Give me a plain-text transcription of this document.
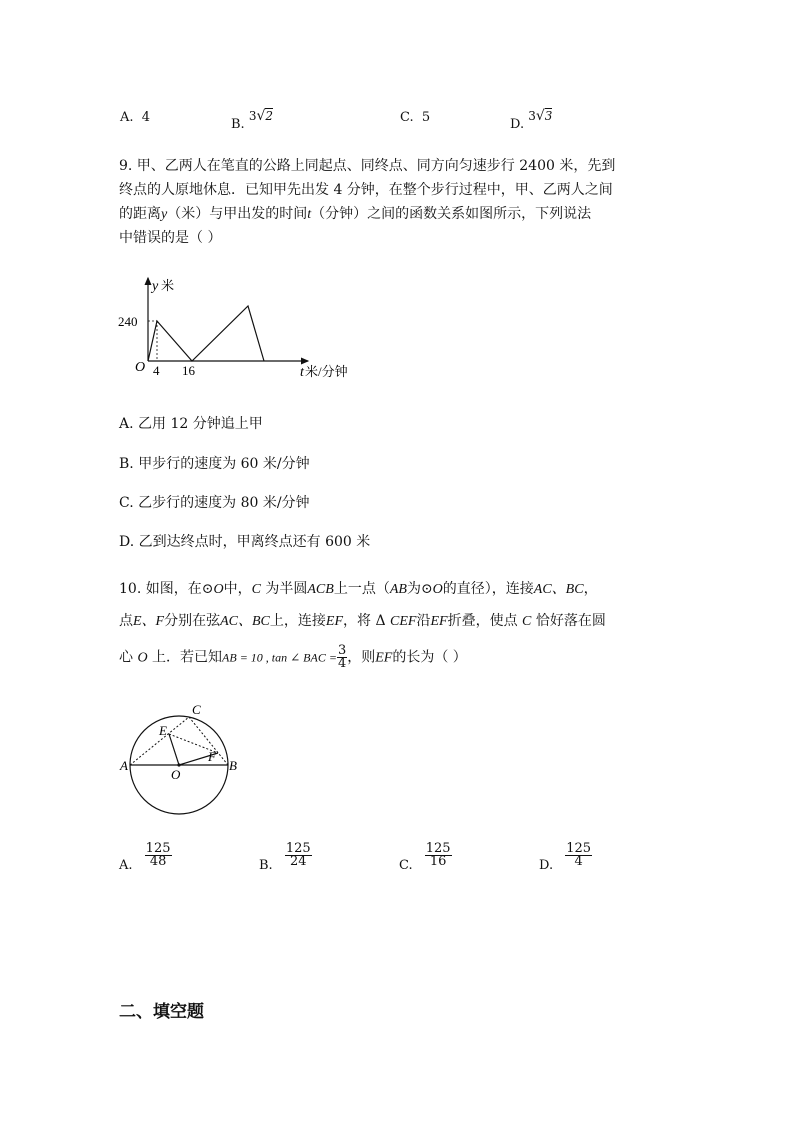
A. 4	B. 3√2	C. 5	D. 3√3
9. 甲、乙两人在笔直的公路上同起点、同终点、同方向匀速步行 2400 米，先到
终点的人原地休息．已知甲先出发 4 分钟，在整个步行过程中，甲、乙两人之间
的距离y（米）与甲出发的时间t（分钟）之间的函数关系如图所示，下列说法
中错误的是（ ）
y 米
240
O 4 16	t 米/分钟
A. 乙用 12 分钟追上甲
B. 甲步行的速度为 60 米/分钟
C. 乙步行的速度为 80 米/分钟
D. 乙到达终点时，甲离终点还有 600 米
10. 如图，在⊙O中，C 为半圆ACB上一点（AB为⊙O的直径），连接AC、BC，
点E、F分别在弦AC、BC上，连接EF，将 Δ CEF沿EF折叠，使点 C 恰好落在圆
心 O 上．若已知AB = 10 , tan ∠ BAC = $\frac{3}{4}$ ，则EF的长为（ ）
C
E
A
O
F
B
A. $\frac{125}{48}$	B. $\frac{125}{24}$	C. $\frac{125}{16}$	D. $\frac{125}{4}$
二、填空题
